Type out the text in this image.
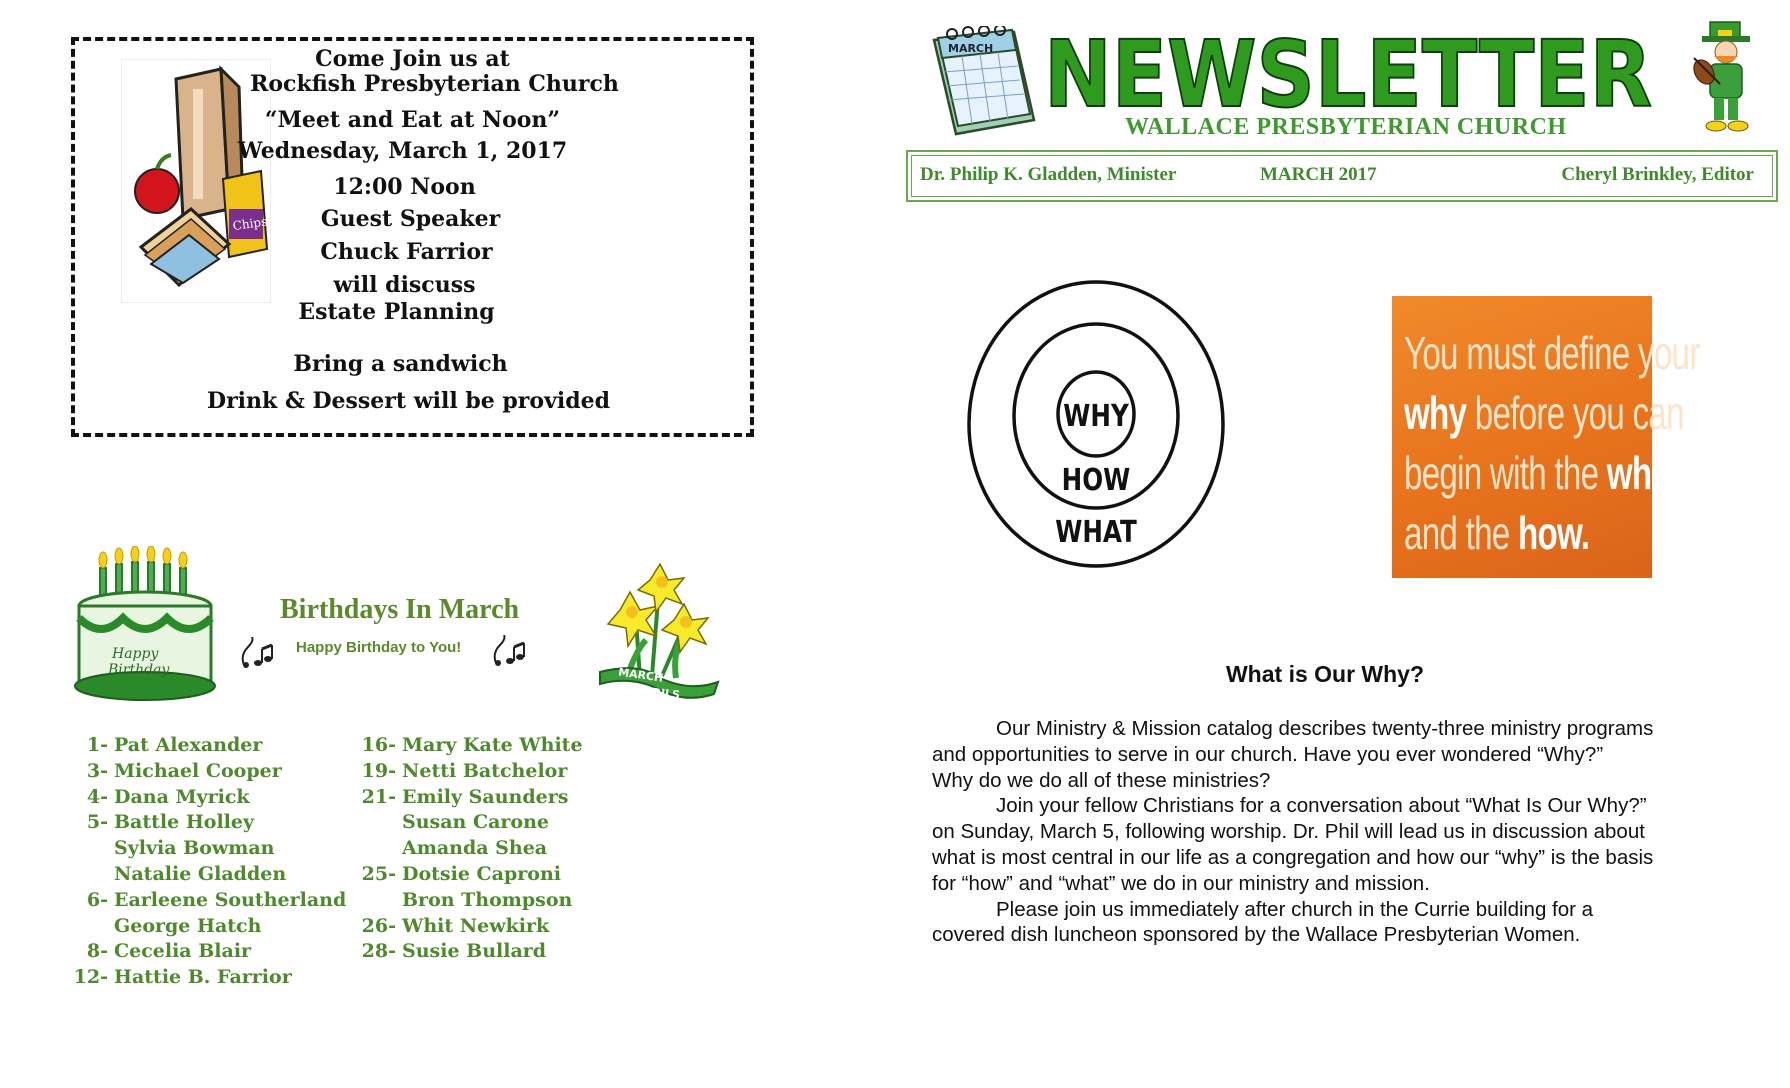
Chips
Come Join us at
Rockfish Presbyterian Church
“Meet and Eat at Noon”
Wednesday, March 1, 2017
12:00 Noon
Guest Speaker
Chuck Farrior
will discuss
Estate Planning
Bring a sandwich
Drink & Dessert will be provided
Happy
Birthday
Birthdays In March
Happy Birthday to You!
MARCH
DAFFODILS
1- Pat Alexander
3- Michael Cooper
4- Dana Myrick
5- Battle Holley
Sylvia Bowman
Natalie Gladden
6- Earleene Southerland
George Hatch
8- Cecelia Blair
12- Hattie B. Farrior
16- Mary Kate White
19- Netti Batchelor
21- Emily Saunders
Susan Carone
Amanda Shea
25- Dotsie Caproni
Bron Thompson
26- Whit Newkirk
28- Susie Bullard
MARCH NEWSLETTER
WALLACE PRESBYTERIAN CHURCH
Dr. Philip K. Gladden, Minister	MARCH 2017	Cheryl Brinkley, Editor
WHY
HOW
WHAT
You must define your
why before you can
begin with the what
and the how.
What is Our Why?
Our Ministry & Mission catalog describes twenty-three ministry programs
and opportunities to serve in our church. Have you ever wondered “Why?”
Why do we do all of these ministries?
Join your fellow Christians for a conversation about “What Is Our Why?”
on Sunday, March 5, following worship. Dr. Phil will lead us in discussion about
what is most central in our life as a congregation and how our “why” is the basis
for “how” and “what” we do in our ministry and mission.
Please join us immediately after church in the Currie building for a
covered dish luncheon sponsored by the Wallace Presbyterian Women.
